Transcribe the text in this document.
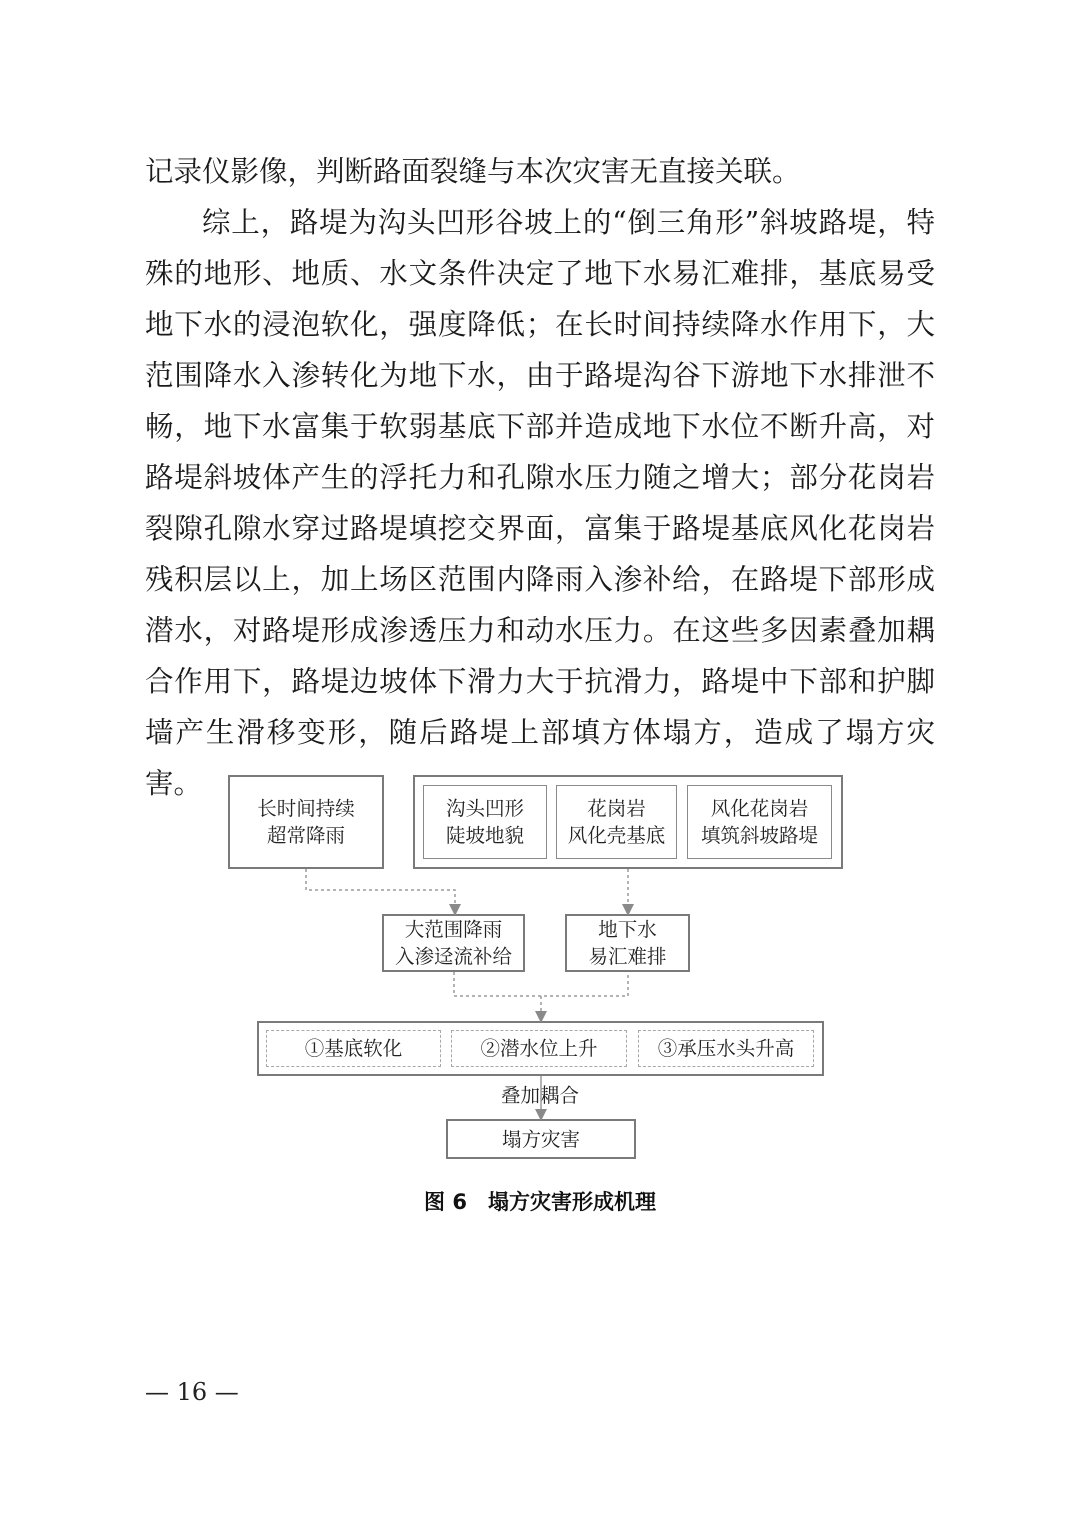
记录仪影像，判断路面裂缝与本次灾害无直接关联。

综上，路堤为沟头凹形谷坡上的“倒三角形”斜坡路堤，特殊的地形、地质、水文条件决定了地下水易汇难排，基底易受地下水的浸泡软化，强度降低；在长时间持续降水作用下，大范围降水入渗转化为地下水，由于路堤沟谷下游地下水排泄不畅，地下水富集于软弱基底下部并造成地下水位不断升高，对路堤斜坡体产生的浮托力和孔隙水压力随之增大；部分花岗岩裂隙孔隙水穿过路堤填挖交界面，富集于路堤基底风化花岗岩残积层以上，加上场区范围内降雨入渗补给，在路堤下部形成潜水，对路堤形成渗透压力和动水压力。在这些多因素叠加耦合作用下，路堤边坡体下滑力大于抗滑力，路堤中下部和护脚墙产生滑移变形，随后路堤上部填方体塌方，造成了塌方灾害。

长时间持续
超常降雨
沟头凹形
陡坡地貌
花岗岩
风化壳基底
风化花岗岩
填筑斜坡路堤
大范围降雨
入渗迳流补给
地下水
易汇难排
①基底软化	②潜水位上升	③承压水头升高
叠加耦合
塌方灾害
图 6　塌方灾害形成机理
— 16 —
